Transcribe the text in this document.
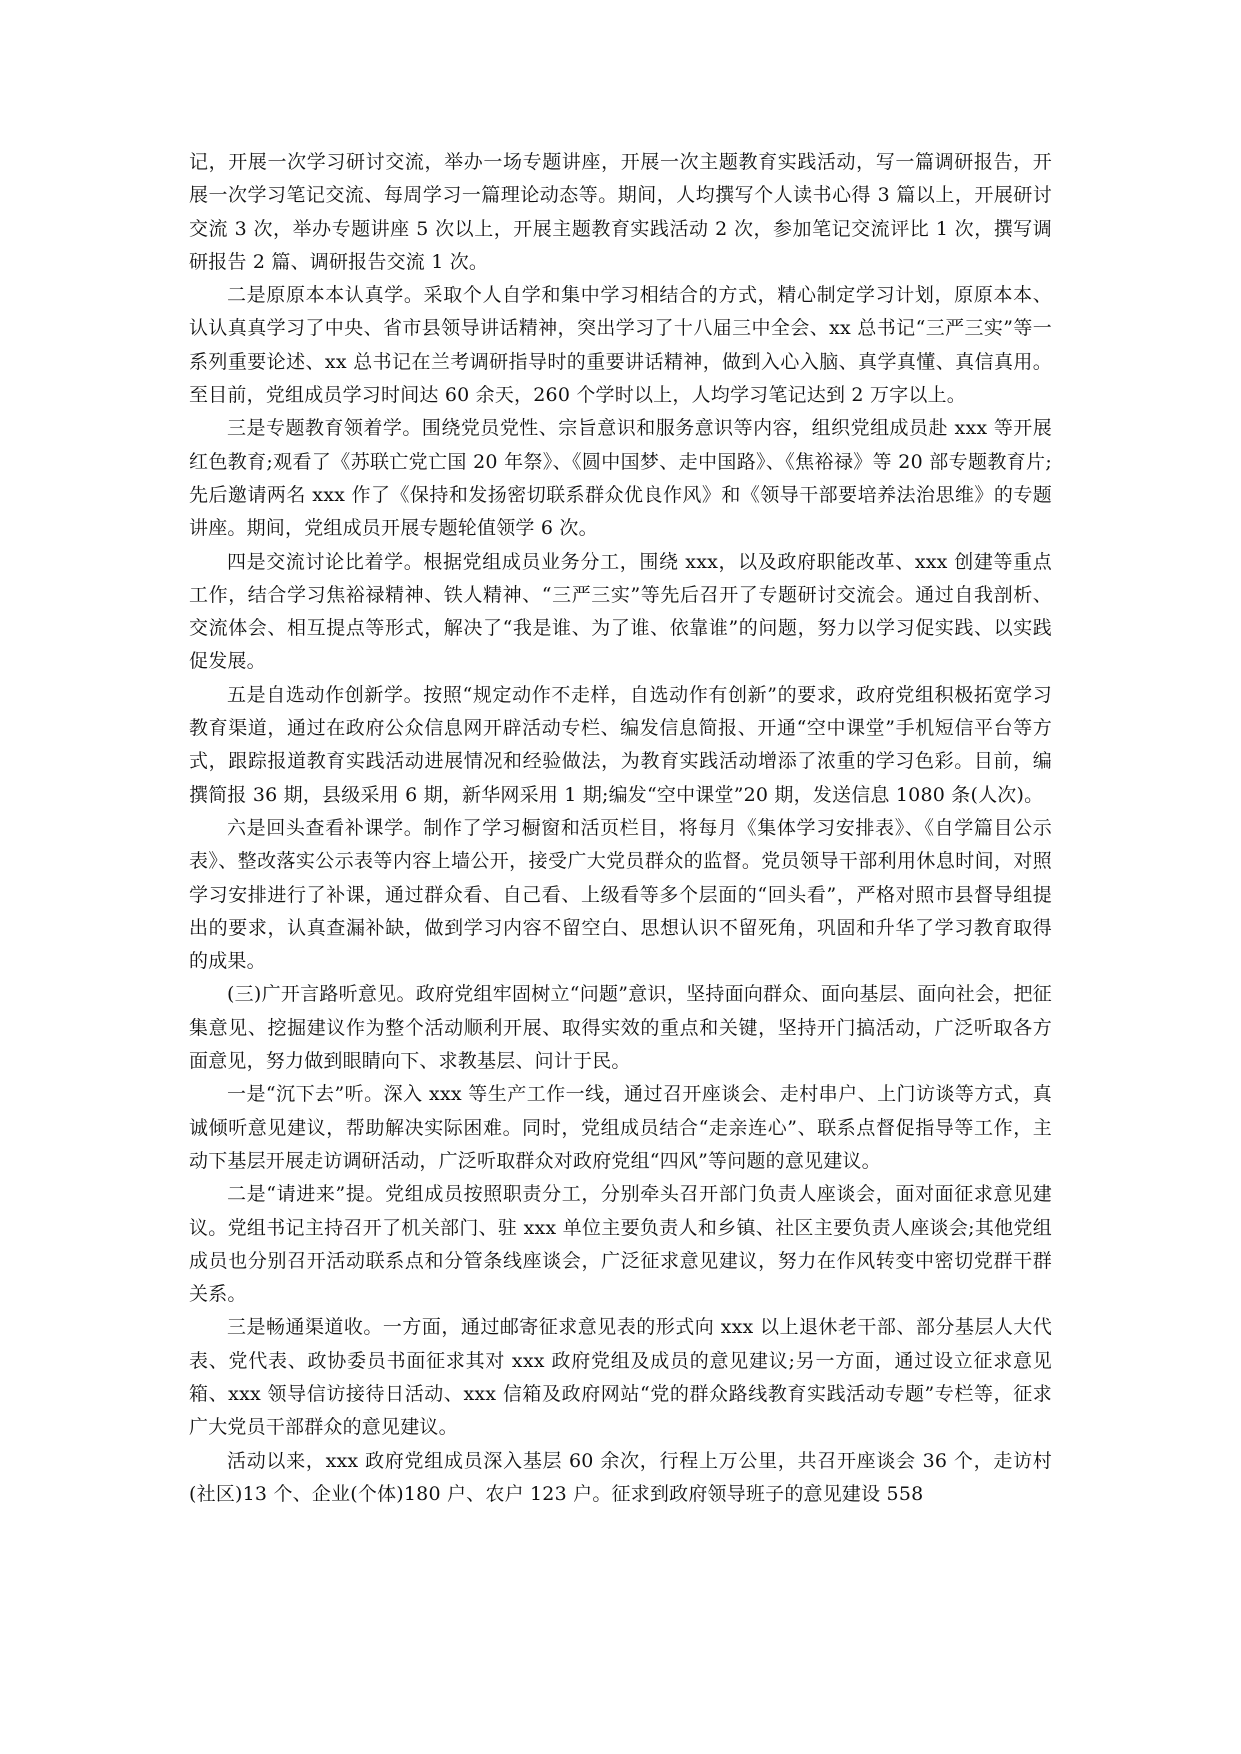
记，开展一次学习研讨交流，举办一场专题讲座，开展一次主题教育实践活动，写一篇调研报告，开展一次学习笔记交流、每周学习一篇理论动态等。期间，人均撰写个人读书心得 3 篇以上，开展研讨交流 3 次，举办专题讲座 5 次以上，开展主题教育实践活动 2 次，参加笔记交流评比 1 次，撰写调研报告 2 篇、调研报告交流 1 次。

二是原原本本认真学。采取个人自学和集中学习相结合的方式，精心制定学习计划，原原本本、认认真真学习了中央、省市县领导讲话精神，突出学习了十八届三中全会、xx 总书记“三严三实”等一系列重要论述、xx 总书记在兰考调研指导时的重要讲话精神，做到入心入脑、真学真懂、真信真用。至目前，党组成员学习时间达 60 余天，260 个学时以上，人均学习笔记达到 2 万字以上。

三是专题教育领着学。围绕党员党性、宗旨意识和服务意识等内容，组织党组成员赴 xxx 等开展红色教育;观看了《苏联亡党亡国 20 年祭》、《圆中国梦、走中国路》、《焦裕禄》等 20 部专题教育片;先后邀请两名 xxx 作了《保持和发扬密切联系群众优良作风》和《领导干部要培养法治思维》的专题讲座。期间，党组成员开展专题轮值领学 6 次。

四是交流讨论比着学。根据党组成员业务分工，围绕 xxx，以及政府职能改革、xxx 创建等重点工作，结合学习焦裕禄精神、铁人精神、“三严三实”等先后召开了专题研讨交流会。通过自我剖析、交流体会、相互提点等形式，解决了“我是谁、为了谁、依靠谁”的问题，努力以学习促实践、以实践促发展。

五是自选动作创新学。按照“规定动作不走样，自选动作有创新”的要求，政府党组积极拓宽学习教育渠道，通过在政府公众信息网开辟活动专栏、编发信息简报、开通“空中课堂”手机短信平台等方式，跟踪报道教育实践活动进展情况和经验做法，为教育实践活动增添了浓重的学习色彩。目前，编撰简报 36 期，县级采用 6 期，新华网采用 1 期;编发“空中课堂”20 期，发送信息 1080 条(人次)。

六是回头查看补课学。制作了学习橱窗和活页栏目，将每月《集体学习安排表》、《自学篇目公示表》、整改落实公示表等内容上墙公开，接受广大党员群众的监督。党员领导干部利用休息时间，对照学习安排进行了补课，通过群众看、自己看、上级看等多个层面的“回头看”，严格对照市县督导组提出的要求，认真查漏补缺，做到学习内容不留空白、思想认识不留死角，巩固和升华了学习教育取得的成果。

(三)广开言路听意见。政府党组牢固树立“问题”意识，坚持面向群众、面向基层、面向社会，把征集意见、挖掘建议作为整个活动顺利开展、取得实效的重点和关键，坚持开门搞活动，广泛听取各方面意见，努力做到眼睛向下、求教基层、问计于民。

一是“沉下去”听。深入 xxx 等生产工作一线，通过召开座谈会、走村串户、上门访谈等方式，真诚倾听意见建议，帮助解决实际困难。同时，党组成员结合“走亲连心”、联系点督促指导等工作，主动下基层开展走访调研活动，广泛听取群众对政府党组“四风”等问题的意见建议。

二是“请进来”提。党组成员按照职责分工，分别牵头召开部门负责人座谈会，面对面征求意见建议。党组书记主持召开了机关部门、驻 xxx 单位主要负责人和乡镇、社区主要负责人座谈会;其他党组成员也分别召开活动联系点和分管条线座谈会，广泛征求意见建议，努力在作风转变中密切党群干群关系。

三是畅通渠道收。一方面，通过邮寄征求意见表的形式向 xxx 以上退休老干部、部分基层人大代表、党代表、政协委员书面征求其对 xxx 政府党组及成员的意见建议;另一方面，通过设立征求意见箱、xxx 领导信访接待日活动、xxx 信箱及政府网站“党的群众路线教育实践活动专题”专栏等，征求广大党员干部群众的意见建议。

活动以来，xxx 政府党组成员深入基层 60 余次，行程上万公里，共召开座谈会 36 个，走访村(社区)13 个、企业(个体)180 户、农户 123 户。征求到政府领导班子的意见建设 558
